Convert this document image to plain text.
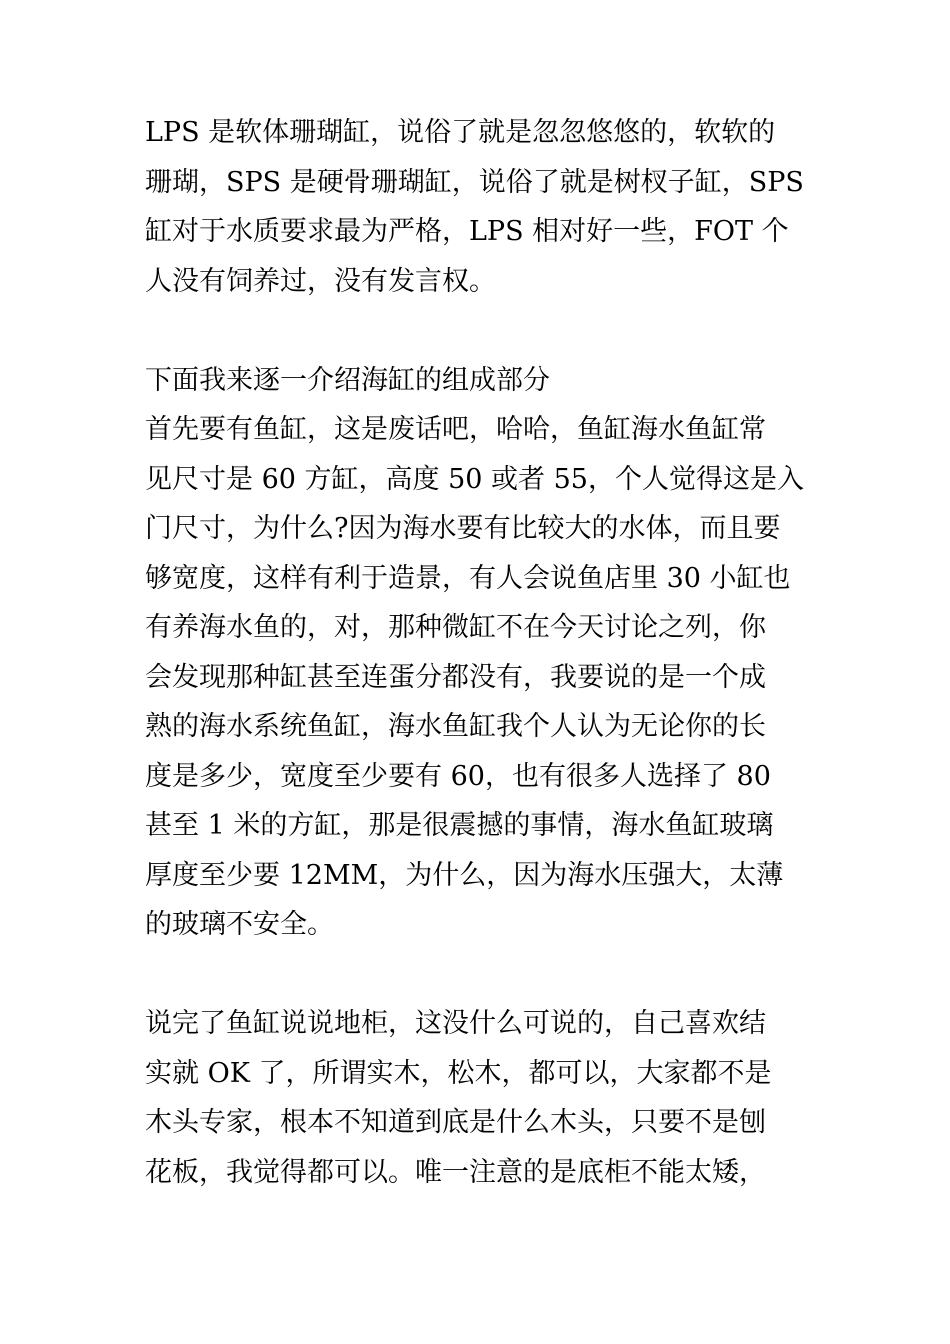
LPS 是软体珊瑚缸，说俗了就是忽忽悠悠的，软软的
珊瑚，SPS 是硬骨珊瑚缸，说俗了就是树杈子缸，SPS
缸对于水质要求最为严格，LPS 相对好一些，FOT 个
人没有饲养过，没有发言权。
下面我来逐一介绍海缸的组成部分
首先要有鱼缸，这是废话吧，哈哈，鱼缸海水鱼缸常
见尺寸是 60 方缸，高度 50 或者 55，个人觉得这是入
门尺寸，为什么?因为海水要有比较大的水体，而且要
够宽度，这样有利于造景，有人会说鱼店里 30 小缸也
有养海水鱼的，对，那种微缸不在今天讨论之列，你
会发现那种缸甚至连蛋分都没有，我要说的是一个成
熟的海水系统鱼缸，海水鱼缸我个人认为无论你的长
度是多少，宽度至少要有 60，也有很多人选择了 80
甚至 1 米的方缸，那是很震撼的事情，海水鱼缸玻璃
厚度至少要 12MM，为什么，因为海水压强大，太薄
的玻璃不安全。
说完了鱼缸说说地柜，这没什么可说的，自己喜欢结
实就 OK 了，所谓实木，松木，都可以，大家都不是
木头专家，根本不知道到底是什么木头，只要不是刨
花板，我觉得都可以。唯一注意的是底柜不能太矮，
